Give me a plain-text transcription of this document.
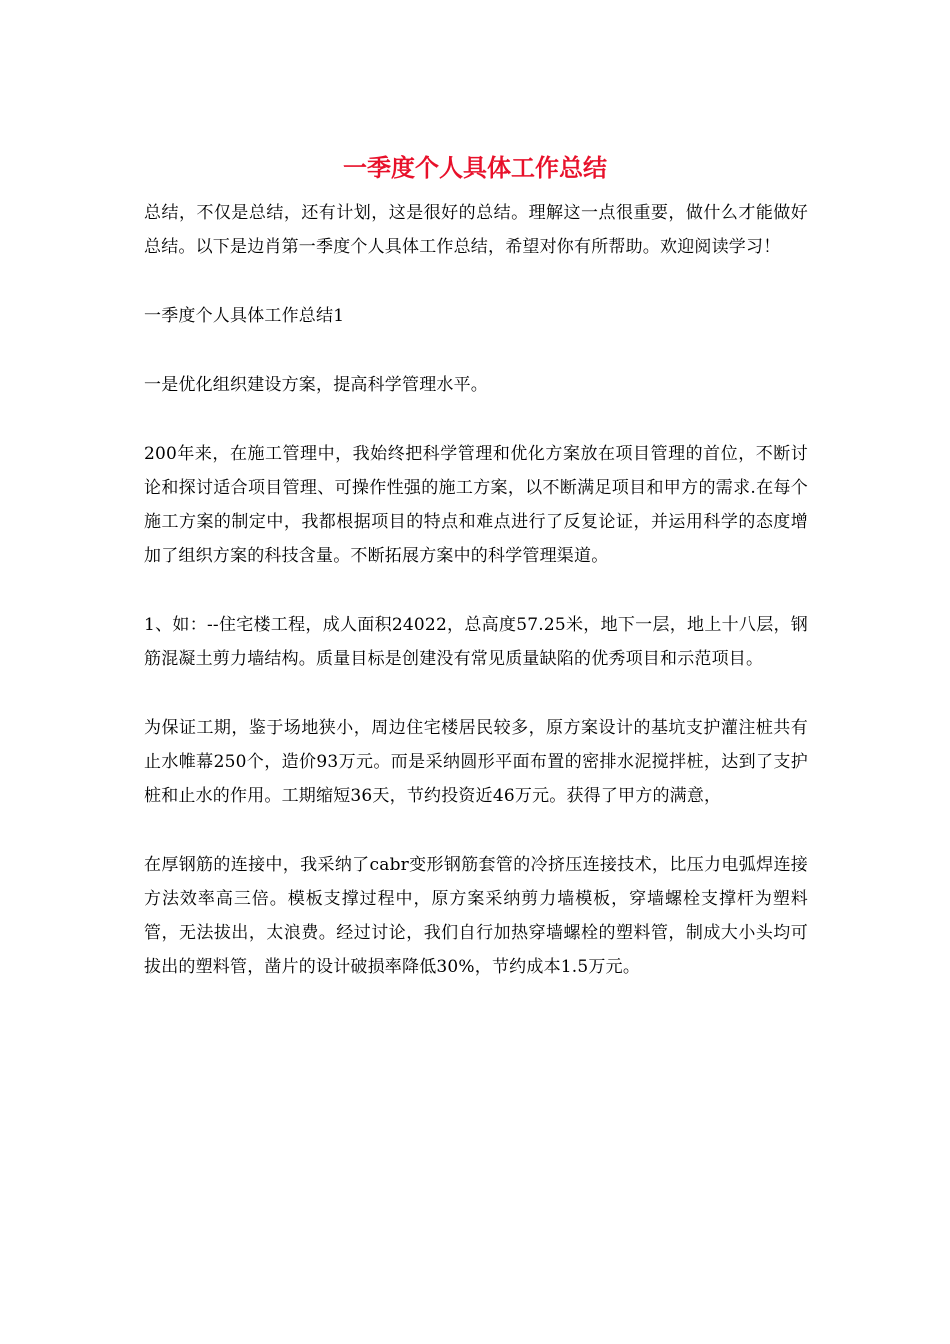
一季度个人具体工作总结

总结，不仅是总结，还有计划，这是很好的总结。理解这一点很重要，做什么才能做好总结。以下是边肖第一季度个人具体工作总结，希望对你有所帮助。欢迎阅读学习！

一季度个人具体工作总结1

一是优化组织建设方案，提高科学管理水平。

200年来，在施工管理中，我始终把科学管理和优化方案放在项目管理的首位，不断讨论和探讨适合项目管理、可操作性强的施工方案，以不断满足项目和甲方的需求.在每个施工方案的制定中，我都根据项目的特点和难点进行了反复论证，并运用科学的态度增加了组织方案的科技含量。不断拓展方案中的科学管理渠道。

1、如：--住宅楼工程，成人面积24022，总高度57.25米，地下一层，地上十八层，钢筋混凝土剪力墙结构。质量目标是创建没有常见质量缺陷的优秀项目和示范项目。

为保证工期，鉴于场地狭小，周边住宅楼居民较多，原方案设计的基坑支护灌注桩共有止水帷幕250个，造价93万元。而是采纳圆形平面布置的密排水泥搅拌桩，达到了支护桩和止水的作用。工期缩短36天，节约投资近46万元。获得了甲方的满意，

在厚钢筋的连接中，我采纳了cabr变形钢筋套管的冷挤压连接技术，比压力电弧焊连接方法效率高三倍。模板支撑过程中，原方案采纳剪力墙模板，穿墙螺栓支撑杆为塑料管，无法拔出，太浪费。经过讨论，我们自行加热穿墙螺栓的塑料管，制成大小头均可拔出的塑料管，凿片的设计破损率降低30%，节约成本1.5万元。
